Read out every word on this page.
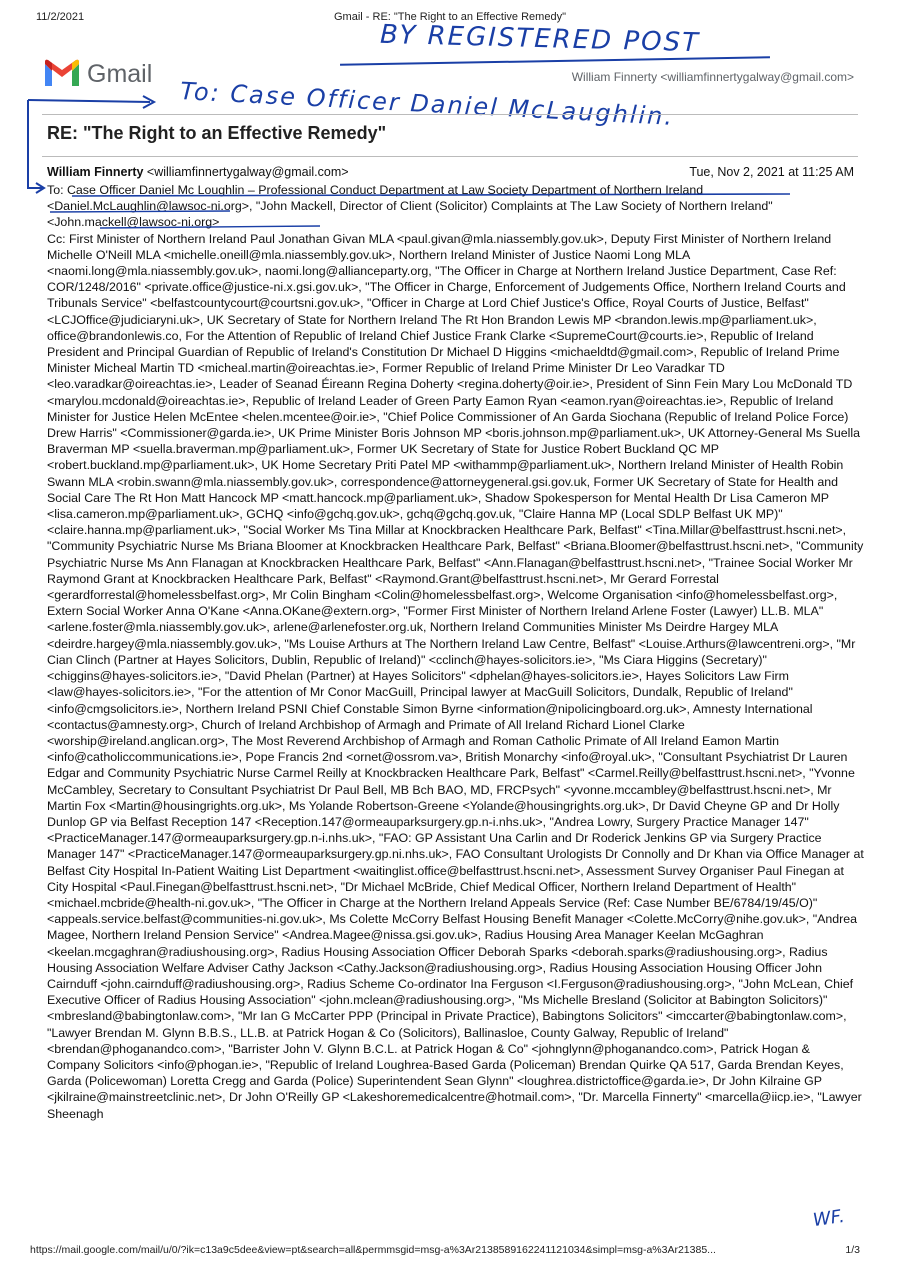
11/2/2021	Gmail - RE: "The Right to an Effective Remedy"
BY REGISTERED POST
Gmail	William Finnerty <williamfinnertygalway@gmail.com>
To: Case Officer Daniel McLaughlin.
RE: "The Right to an Effective Remedy"
William Finnerty <williamfinnertygalway@gmail.com>	Tue, Nov 2, 2021 at 11:25 AM

To: Case Officer Daniel Mc Loughlin – Professional Conduct Department at Law Society Department of Northern Ireland <Daniel.McLaughlin@lawsoc-ni.org>, "John Mackell, Director of Client (Solicitor) Complaints at The Law Society of Northern Ireland" <John.mackell@lawsoc-ni.org>

Cc: First Minister of Northern Ireland Paul Jonathan Givan MLA <paul.givan@mla.niassembly.gov.uk>, Deputy First Minister of Northern Ireland Michelle O'Neill MLA <michelle.oneill@mla.niassembly.gov.uk>, Northern Ireland Minister of Justice Naomi Long MLA <naomi.long@mla.niassembly.gov.uk>, naomi.long@allianceparty.org, "The Officer in Charge at Northern Ireland Justice Department, Case Ref: COR/1248/2016" <private.office@justice-ni.x.gsi.gov.uk>, "The Officer in Charge, Enforcement of Judgements Office, Northern Ireland Courts and Tribunals Service" <belfastcountycourt@courtsni.gov.uk>, "Officer in Charge at Lord Chief Justice's Office, Royal Courts of Justice, Belfast" <LCJOffice@judiciaryni.uk>, UK Secretary of State for Northern Ireland The Rt Hon Brandon Lewis MP <brandon.lewis.mp@parliament.uk>, office@brandonlewis.co, For the Attention of Republic of Ireland Chief Justice Frank Clarke <SupremeCourt@courts.ie>, Republic of Ireland President and Principal Guardian of Republic of Ireland's Constitution Dr Michael D Higgins <michaeldtd@gmail.com>, Republic of Ireland Prime Minister Micheal Martin TD <micheal.martin@oireachtas.ie>, Former Republic of Ireland Prime Minister Dr Leo Varadkar TD <leo.varadkar@oireachtas.ie>, Leader of Seanad Éireann Regina Doherty <regina.doherty@oir.ie>, President of Sinn Fein Mary Lou McDonald TD <marylou.mcdonald@oireachtas.ie>, Republic of Ireland Leader of Green Party Eamon Ryan <eamon.ryan@oireachtas.ie>, Republic of Ireland Minister for Justice Helen McEntee <helen.mcentee@oir.ie>, "Chief Police Commissioner of An Garda Siochana (Republic of Ireland Police Force) Drew Harris" <Commissioner@garda.ie>, UK Prime Minister Boris Johnson MP <boris.johnson.mp@parliament.uk>, UK Attorney-General Ms Suella Braverman MP <suella.braverman.mp@parliament.uk>, Former UK Secretary of State for Justice Robert Buckland QC MP <robert.buckland.mp@parliament.uk>, UK Home Secretary Priti Patel MP <withammp@parliament.uk>, Northern Ireland Minister of Health Robin Swann MLA <robin.swann@mla.niassembly.gov.uk>, correspondence@attorneygeneral.gsi.gov.uk, Former UK Secretary of State for Health and Social Care The Rt Hon Matt Hancock MP <matt.hancock.mp@parliament.uk>, Shadow Spokesperson for Mental Health Dr Lisa Cameron MP <lisa.cameron.mp@parliament.uk>, GCHQ <info@gchq.gov.uk>, gchq@gchq.gov.uk, "Claire Hanna MP (Local SDLP Belfast UK MP)" <claire.hanna.mp@parliament.uk>, "Social Worker Ms Tina Millar at Knockbracken Healthcare Park, Belfast" <Tina.Millar@belfasttrust.hscni.net>, "Community Psychiatric Nurse Ms Briana Bloomer at Knockbracken Healthcare Park, Belfast" <Briana.Bloomer@belfasttrust.hscni.net>, "Community Psychiatric Nurse Ms Ann Flanagan at Knockbracken Healthcare Park, Belfast" <Ann.Flanagan@belfasttrust.hscni.net>, "Trainee Social Worker Mr Raymond Grant at Knockbracken Healthcare Park, Belfast" <Raymond.Grant@belfasttrust.hscni.net>, Mr Gerard Forrestal <gerardforrestal@homelessbelfast.org>, Mr Colin Bingham <Colin@homelessbelfast.org>, Welcome Organisation <info@homelessbelfast.org>, Extern Social Worker Anna O'Kane <Anna.OKane@extern.org>, "Former First Minister of Northern Ireland Arlene Foster (Lawyer) LL.B. MLA" <arlene.foster@mla.niassembly.gov.uk>, arlene@arlenefoster.org.uk, Northern Ireland Communities Minister Ms Deirdre Hargey MLA <deirdre.hargey@mla.niassembly.gov.uk>, "Ms Louise Arthurs at The Northern Ireland Law Centre, Belfast" <Louise.Arthurs@lawcentreni.org>, "Mr Cian Clinch (Partner at Hayes Solicitors, Dublin, Republic of Ireland)" <cclinch@hayes-solicitors.ie>, "Ms Ciara Higgins (Secretary)" <chiggins@hayes-solicitors.ie>, "David Phelan (Partner) at Hayes Solicitors" <dphelan@hayes-solicitors.ie>, Hayes Solicitors Law Firm <law@hayes-solicitors.ie>, "For the attention of Mr Conor MacGuill, Principal lawyer at MacGuill Solicitors, Dundalk, Republic of Ireland" <info@cmgsolicitors.ie>, Northern Ireland PSNI Chief Constable Simon Byrne <information@nipolicingboard.org.uk>, Amnesty International <contactus@amnesty.org>, Church of Ireland Archbishop of Armagh and Primate of All Ireland Richard Lionel Clarke <worship@ireland.anglican.org>, The Most Reverend Archbishop of Armagh and Roman Catholic Primate of All Ireland Eamon Martin <info@catholiccommunications.ie>, Pope Francis 2nd <ornet@ossrom.va>, British Monarchy <info@royal.uk>, "Consultant Psychiatrist Dr Lauren Edgar and Community Psychiatric Nurse Carmel Reilly at Knockbracken Healthcare Park, Belfast" <Carmel.Reilly@belfasttrust.hscni.net>, "Yvonne McCambley, Secretary to Consultant Psychiatrist Dr Paul Bell, MB Bch BAO, MD, FRCPsych" <yvonne.mccambley@belfasttrust.hscni.net>, Mr Martin Fox <Martin@housingrights.org.uk>, Ms Yolande Robertson-Greene <Yolande@housingrights.org.uk>, Dr David Cheyne GP and Dr Holly Dunlop GP via Belfast Reception 147 <Reception.147@ormeauparksurgery.gp.n-i.nhs.uk>, "Andrea Lowry, Surgery Practice Manager 147" <PracticeManager.147@ormeauparksurgery.gp.n-i.nhs.uk>, "FAO: GP Assistant Una Carlin and Dr Roderick Jenkins GP via Surgery Practice Manager 147" <PracticeManager.147@ormeauparksurgery.gp.ni.nhs.uk>, FAO Consultant Urologists Dr Connolly and Dr Khan via Office Manager at Belfast City Hospital In-Patient Waiting List Department <waitinglist.office@belfasttrust.hscni.net>, Assessment Survey Organiser Paul Finegan at City Hospital <Paul.Finegan@belfasttrust.hscni.net>, "Dr Michael McBride, Chief Medical Officer, Northern Ireland Department of Health" <michael.mcbride@health-ni.gov.uk>, "The Officer in Charge at the Northern Ireland Appeals Service (Ref: Case Number BE/6784/19/45/O)" <appeals.service.belfast@communities-ni.gov.uk>, Ms Colette McCorry Belfast Housing Benefit Manager <Colette.McCorry@nihe.gov.uk>, "Andrea Magee, Northern Ireland Pension Service" <Andrea.Magee@nissa.gsi.gov.uk>, Radius Housing Area Manager Keelan McGaghran <keelan.mcgaghran@radiushousing.org>, Radius Housing Association Officer Deborah Sparks <deborah.sparks@radiushousing.org>, Radius Housing Association Welfare Adviser Cathy Jackson <Cathy.Jackson@radiushousing.org>, Radius Housing Association Housing Officer John Cairnduff <john.cairnduff@radiushousing.org>, Radius Scheme Co-ordinator Ina Ferguson <I.Ferguson@radiushousing.org>, "John McLean, Chief Executive Officer of Radius Housing Association" <john.mclean@radiushousing.org>, "Ms Michelle Bresland (Solicitor at Babington Solicitors)" <mbresland@babingtonlaw.com>, "Mr Ian G McCarter PPP (Principal in Private Practice), Babingtons Solicitors" <imccarter@babingtonlaw.com>, "Lawyer Brendan M. Glynn B.B.S., LL.B. at Patrick Hogan & Co (Solicitors), Ballinasloe, County Galway, Republic of Ireland" <brendan@phoganandco.com>, "Barrister John V. Glynn B.C.L. at Patrick Hogan & Co" <johnglynn@phoganandco.com>, Patrick Hogan & Company Solicitors <info@phogan.ie>, "Republic of Ireland Loughrea-Based Garda (Policeman) Brendan Quirke QA 517, Garda Brendan Keyes, Garda (Policewoman) Loretta Cregg and Garda (Police) Superintendent Sean Glynn" <loughrea.districtoffice@garda.ie>, Dr John Kilraine GP <jkilraine@mainstreetclinic.net>, Dr John O'Reilly GP <Lakeshoremedicalcentre@hotmail.com>, "Dr. Marcella Finnerty" <marcella@iicp.ie>, "Lawyer Sheenagh

WF.
https://mail.google.com/mail/u/0/?ik=c13a9c5dee&view=pt&search=all&permmsgid=msg-a%3Ar2138589162241121034&simpl=msg-a%3Ar21385...	1/3
